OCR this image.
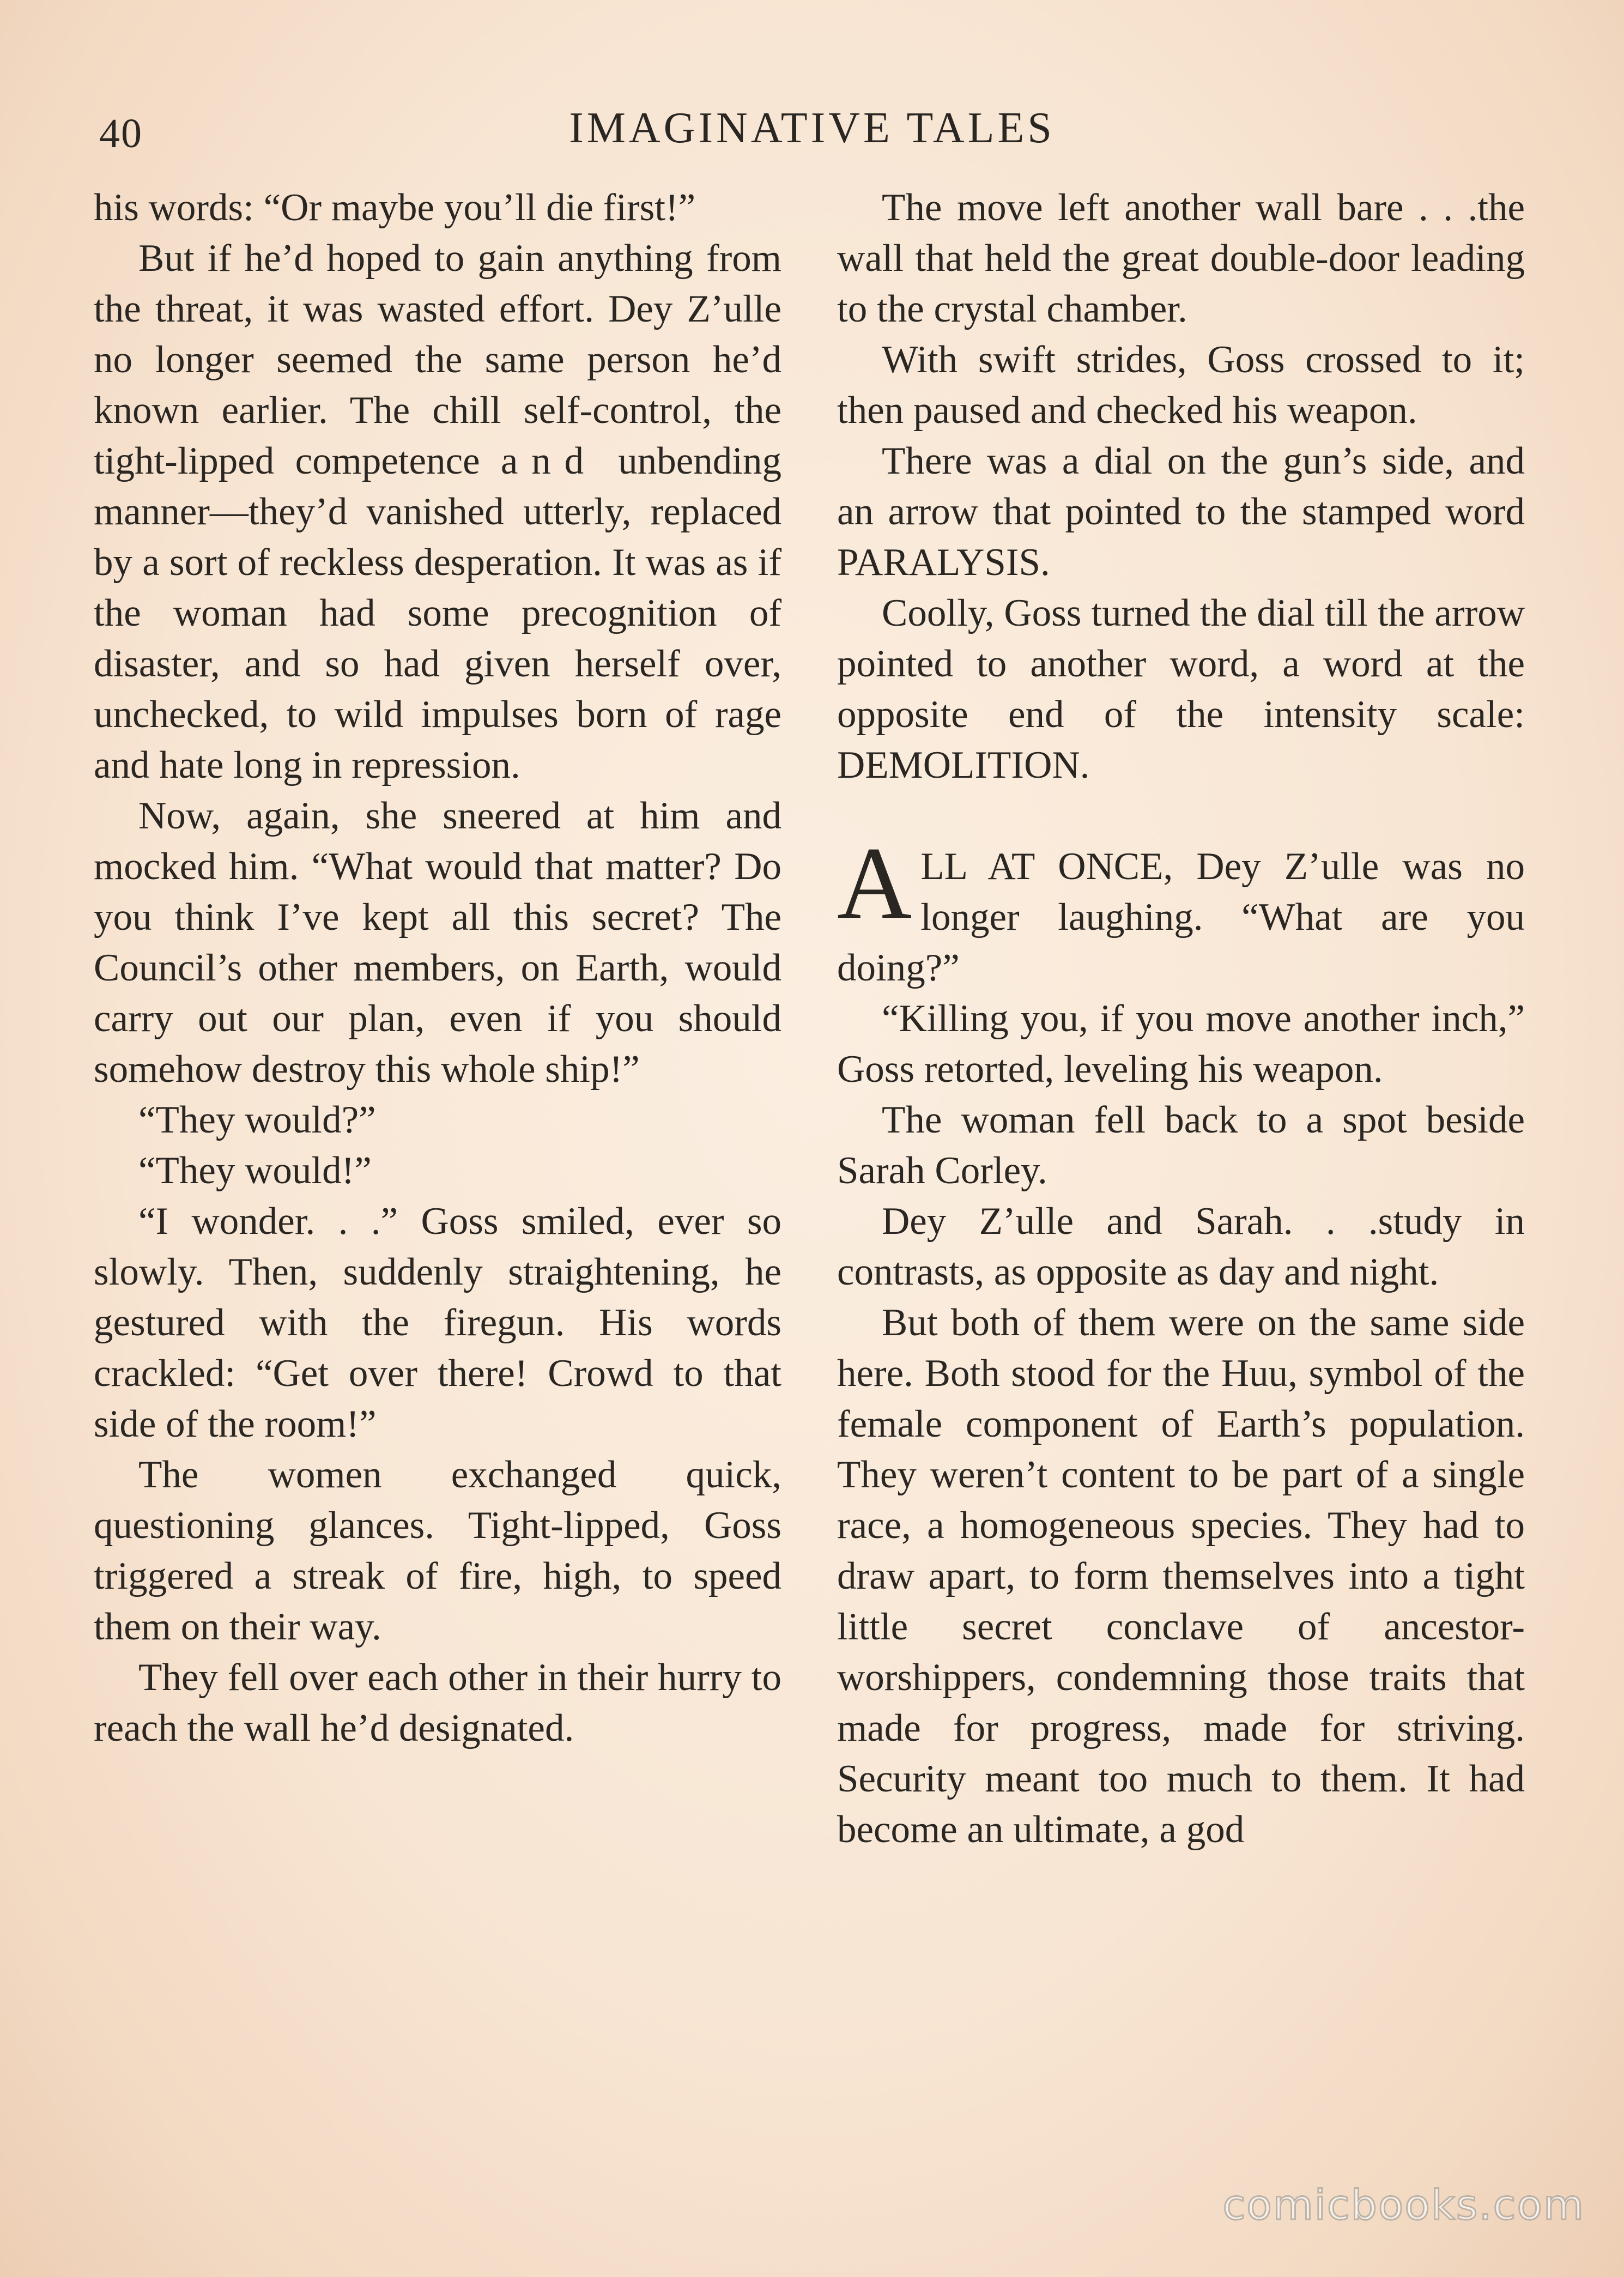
40	IMAGINATIVE TALES

his words: “Or maybe you’ll die first!”

But if he’d hoped to gain anything from the threat, it was wasted effort. Dey Z’ulle no longer seemed the same person he’d known earlier. The chill self-control, the tight-lipped competence and unbending manner—they’d vanished utterly, replaced by a sort of reckless desperation. It was as if the woman had some precognition of disaster, and so had given herself over, unchecked, to wild impulses born of rage and hate long in repression.

Now, again, she sneered at him and mocked him. “What would that matter? Do you think I’ve kept all this secret? The Council’s other members, on Earth, would carry out our plan, even if you should somehow destroy this whole ship!”

“They would?”

“They would!”

“I wonder. . .” Goss smiled, ever so slowly. Then, suddenly straightening, he gestured with the firegun. His words crackled: “Get over there! Crowd to that side of the room!”

The women exchanged quick, questioning glances. Tight-lipped, Goss triggered a streak of fire, high, to speed them on their way.

They fell over each other in their hurry to reach the wall he’d designated.

The move left another wall bare . . .the wall that held the great double-door leading to the crystal chamber.

With swift strides, Goss crossed to it; then paused and checked his weapon.

There was a dial on the gun’s side, and an arrow that pointed to the stamped word PARALYSIS.

Coolly, Goss turned the dial till the arrow pointed to another word, a word at the opposite end of the intensity scale: DEMOLITION.

ALL AT ONCE, Dey Z’ulle was no longer laughing. “What are you doing?”

“Killing you, if you move another inch,” Goss retorted, leveling his weapon.

The woman fell back to a spot beside Sarah Corley.

Dey Z’ulle and Sarah. . .study in contrasts, as opposite as day and night.

But both of them were on the same side here. Both stood for the Huu, symbol of the female component of Earth’s population. They weren’t content to be part of a single race, a homogeneous species. They had to draw apart, to form themselves into a tight little secret conclave of ancestor-worshippers, condemning those traits that made for progress, made for striving. Security meant too much to them. It had become an ultimate, a god

comicbooks.com
